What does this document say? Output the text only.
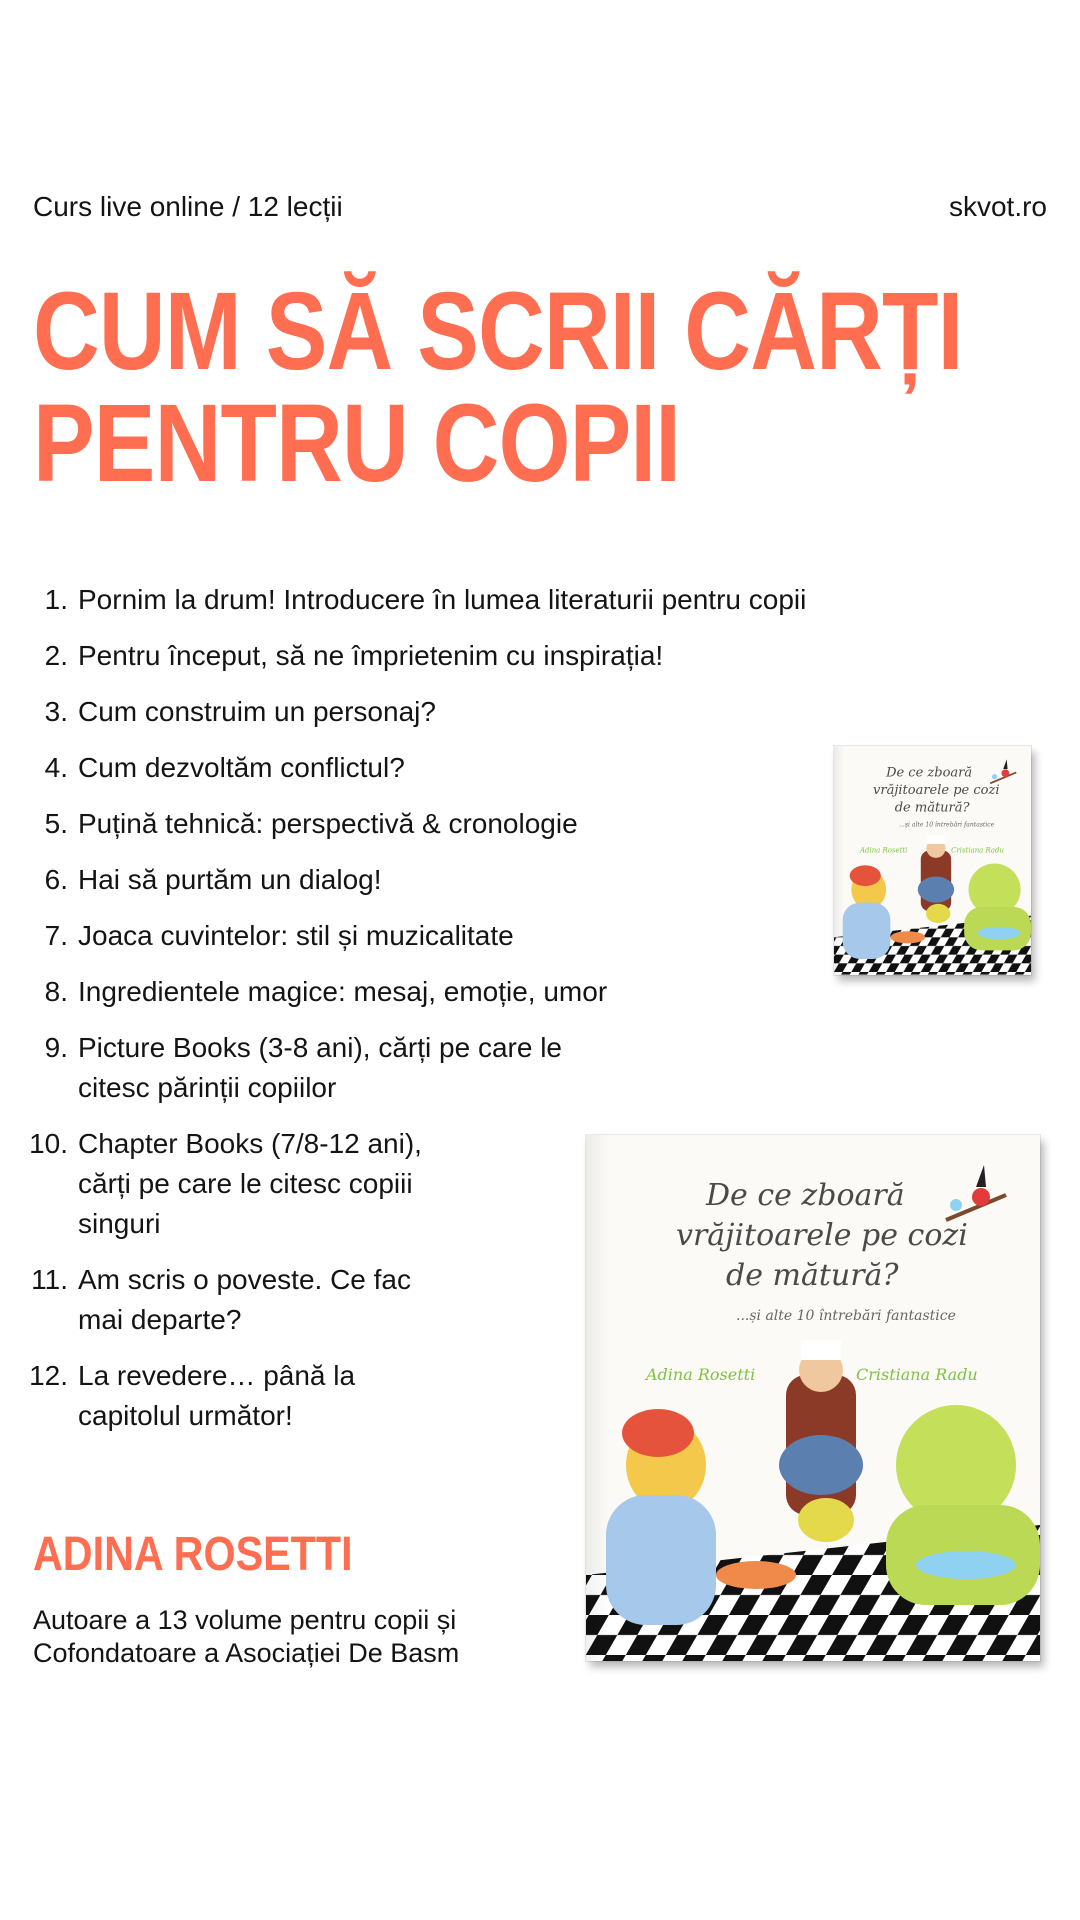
Curs live online / 12 lecții	skvot.ro
CUM SĂ SCRII CĂRȚI
PENTRU COPII
1. Pornim la drum! Introducere în lumea literaturii pentru copii
2. Pentru început, să ne împrietenim cu inspirația!
3. Cum construim un personaj?
4. Cum dezvoltăm conflictul?
5. Puțină tehnică: perspectivă & cronologie
6. Hai să purtăm un dialog!
7. Joaca cuvintelor: stil și muzicalitate
8. Ingredientele magice: mesaj, emoție, umor
9. Picture Books (3-8 ani), cărți pe care le citesc părinții copiilor
10. Chapter Books (7/8-12 ani), cărți pe care le citesc copiii singuri
11. Am scris o poveste. Ce fac mai departe?
12. La revedere… până la capitolul următor!
ADINA ROSETTI

Autoare a 13 volume pentru copii și Cofondatoare a Asociației De Basm

De ce zboară
vrăjitoarele pe cozi
de mătură?
...și alte 10 întrebări fantastice
Adina Rosetti	Cristiana Radu
De ce zboară
vrăjitoarele pe cozi
de mătură?
...și alte 10 întrebări fantastice
Adina Rosetti	Cristiana Radu
